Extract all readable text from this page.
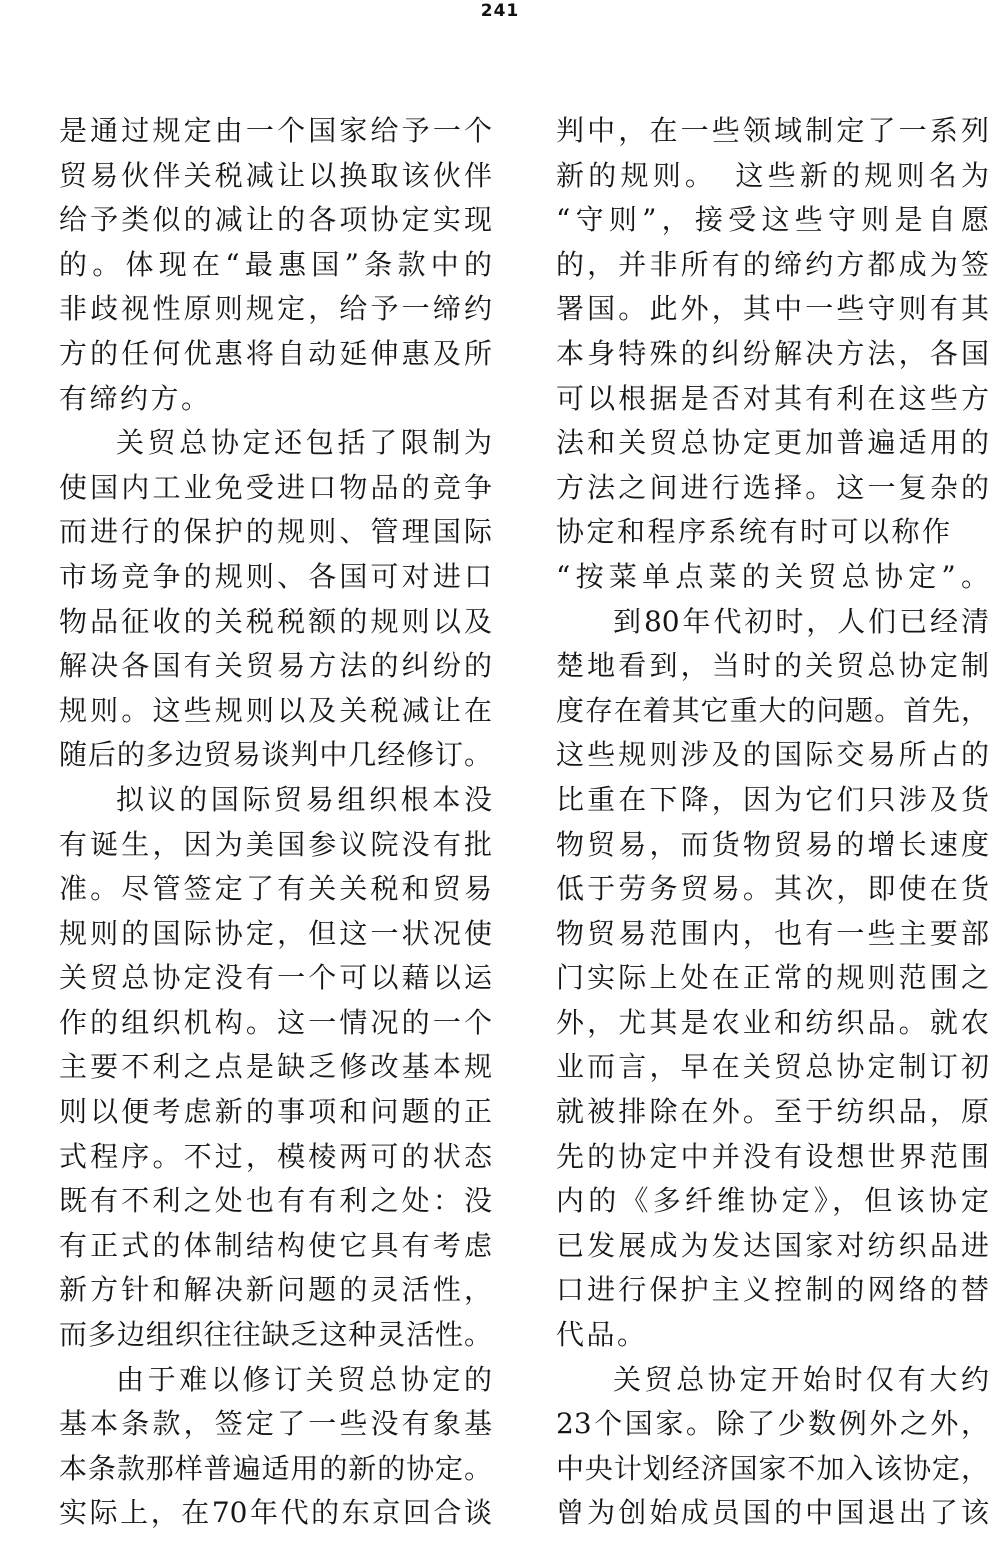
241
是通过规定由一个国家给予一个
贸易伙伴关税减让以换取该伙伴
给予类似的减让的各项协定实现
的。体现在“最惠国”条款中的
非歧视性原则规定，给予一缔约
方的任何优惠将自动延伸惠及所
有缔约方。
关贸总协定还包括了限制为
使国内工业免受进口物品的竞争
而进行的保护的规则、管理国际
市场竞争的规则、各国可对进口
物品征收的关税税额的规则以及
解决各国有关贸易方法的纠纷的
规则。这些规则以及关税减让在
随后的多边贸易谈判中几经修订。
拟议的国际贸易组织根本没
有诞生，因为美国参议院没有批
准。尽管签定了有关关税和贸易
规则的国际协定，但这一状况使
关贸总协定没有一个可以藉以运
作的组织机构。这一情况的一个
主要不利之点是缺乏修改基本规
则以便考虑新的事项和问题的正
式程序。不过，模棱两可的状态
既有不利之处也有有利之处：没
有正式的体制结构使它具有考虑
新方针和解决新问题的灵活性，
而多边组织往往缺乏这种灵活性。
由于难以修订关贸总协定的
基本条款，签定了一些没有象基
本条款那样普遍适用的新的协定。
实际上，在70年代的东京回合谈
判中，在一些领域制定了一系列
新的规则。　这些新的规则名为
“守则”，接受这些守则是自愿
的，并非所有的缔约方都成为签
署国。此外，其中一些守则有其
本身特殊的纠纷解决方法，各国
可以根据是否对其有利在这些方
法和关贸总协定更加普遍适用的
方法之间进行选择。这一复杂的
协定和程序系统有时可以称作
“按菜单点菜的关贸总协定”。
到80年代初时，人们已经清
楚地看到，当时的关贸总协定制
度存在着其它重大的问题。首先，
这些规则涉及的国际交易所占的
比重在下降，因为它们只涉及货
物贸易，而货物贸易的增长速度
低于劳务贸易。其次，即使在货
物贸易范围内，也有一些主要部
门实际上处在正常的规则范围之
外，尤其是农业和纺织品。就农
业而言，早在关贸总协定制订初
就被排除在外。至于纺织品，原
先的协定中并没有设想世界范围
内的《多纤维协定》，但该协定
已发展成为发达国家对纺织品进
口进行保护主义控制的网络的替
代品。
关贸总协定开始时仅有大约
23个国家。除了少数例外之外，
中央计划经济国家不加入该协定，
曾为创始成员国的中国退出了该
